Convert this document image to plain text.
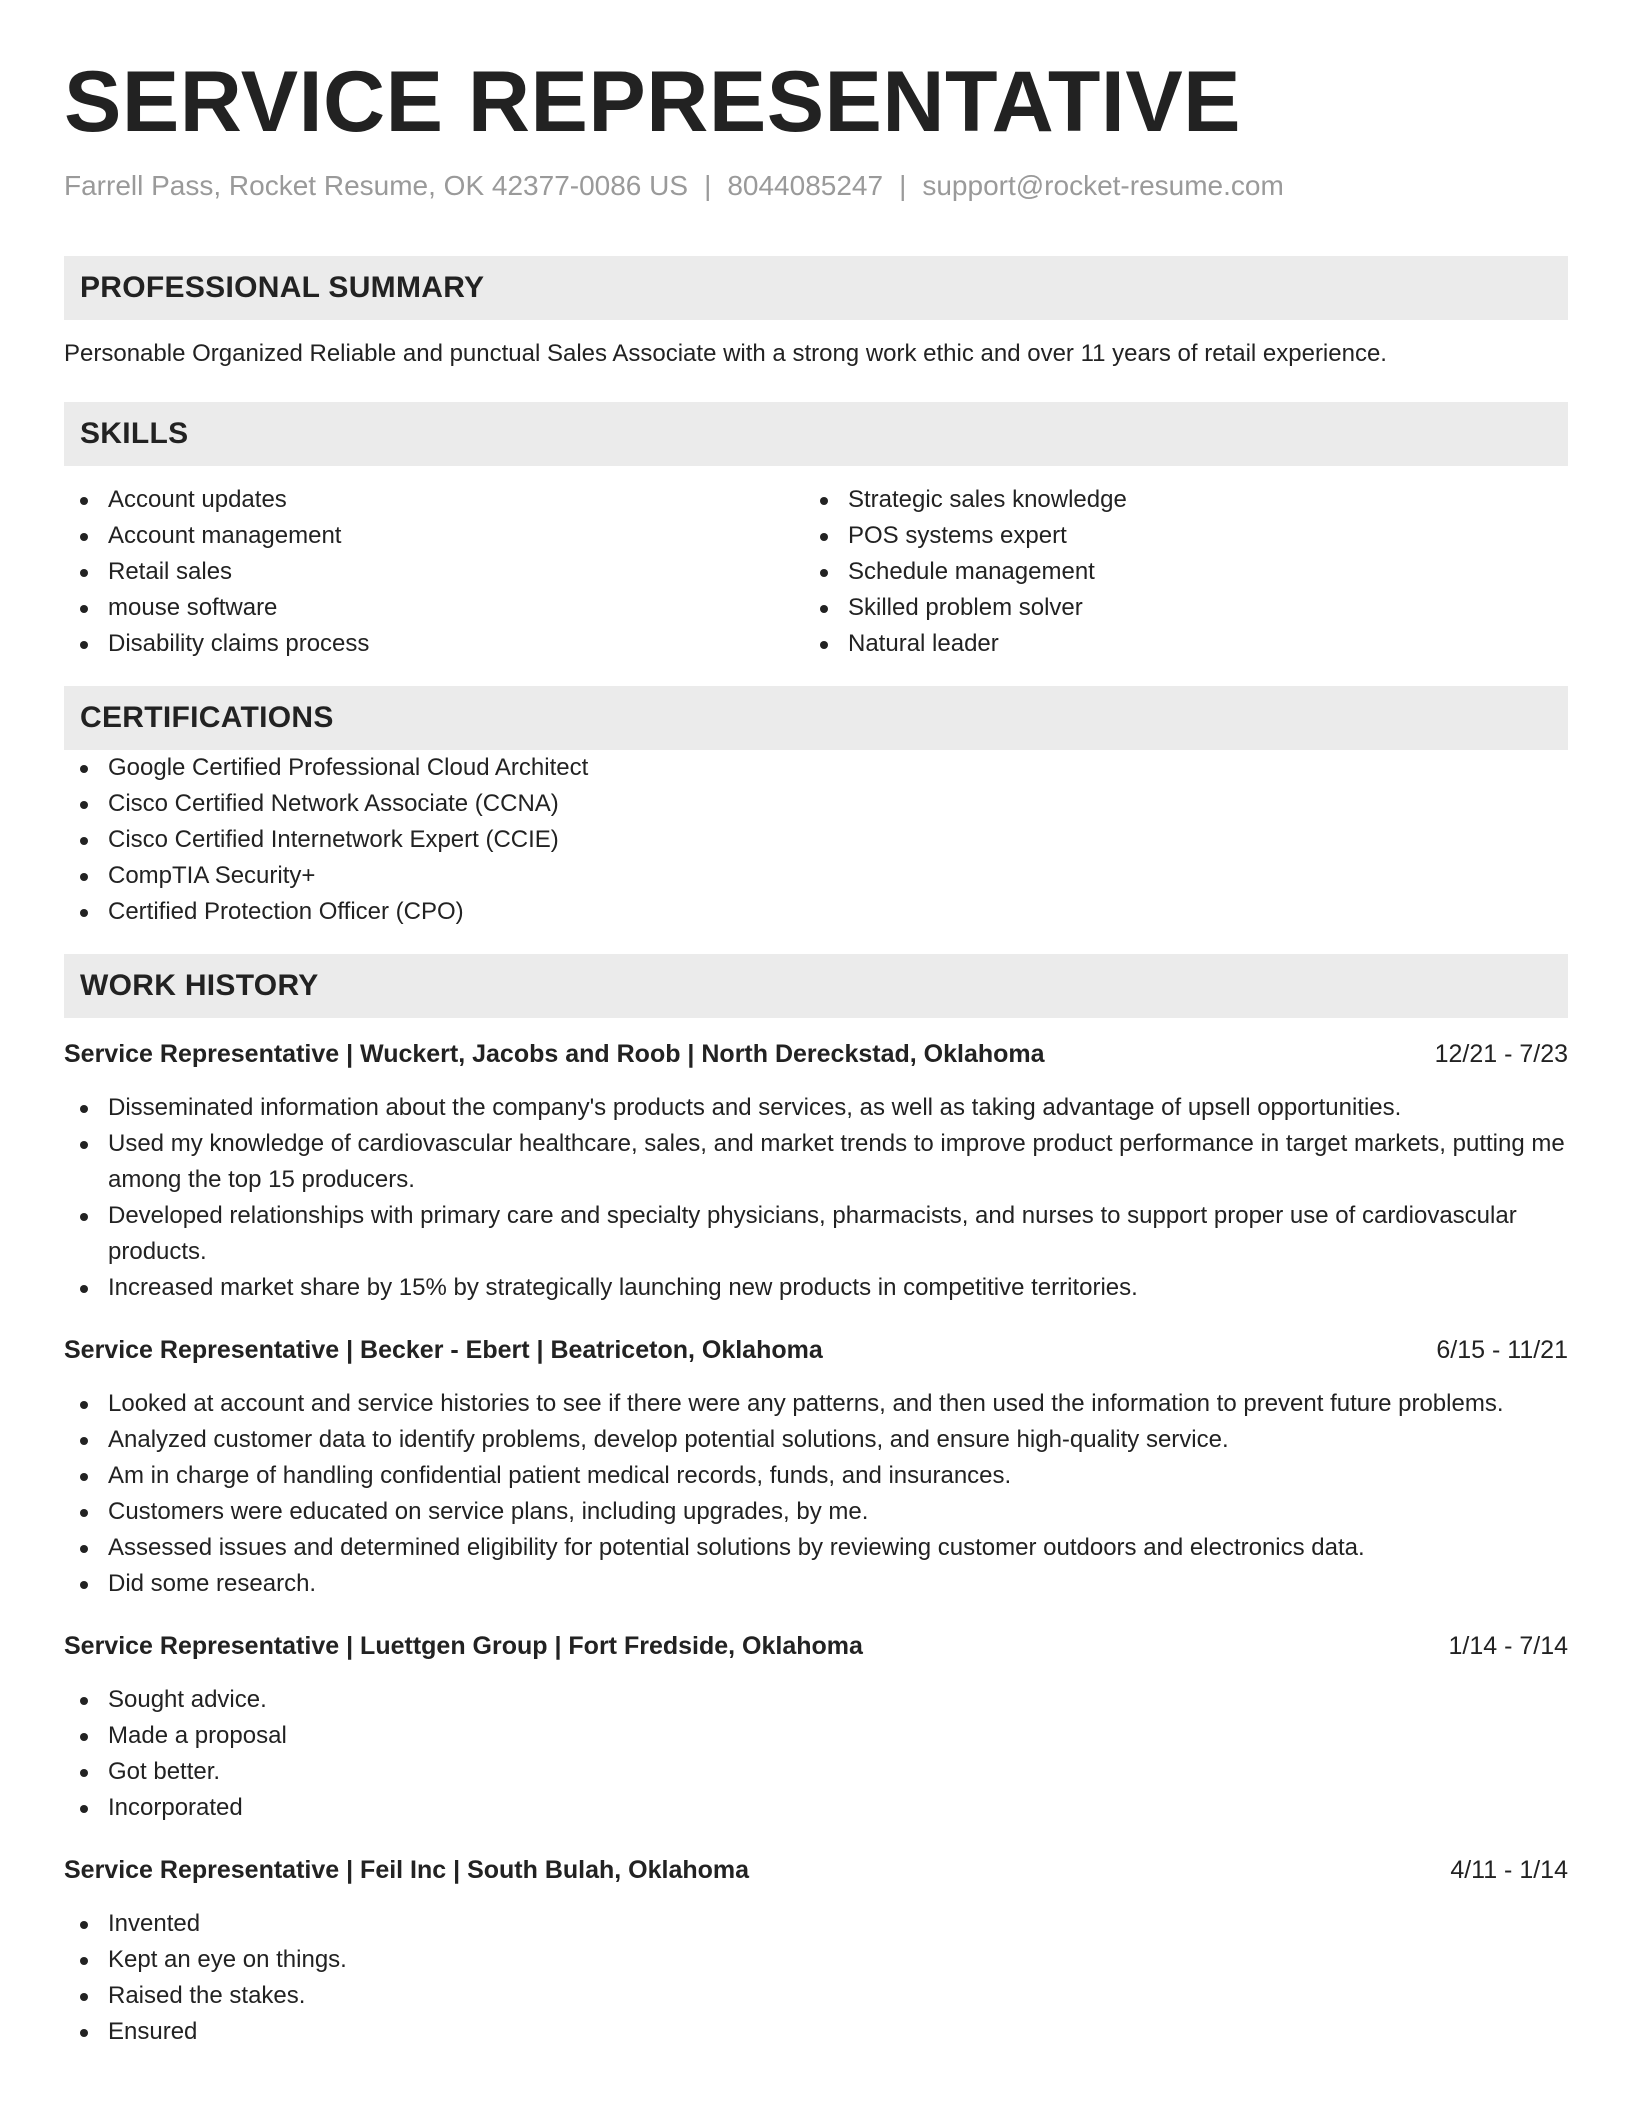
SERVICE REPRESENTATIVE
Farrell Pass, Rocket Resume, OK 42377-0086 US | 8044085247 | support@rocket-resume.com
PROFESSIONAL SUMMARY
Personable Organized Reliable and punctual Sales Associate with a strong work ethic and over 11 years of retail experience.
SKILLS
Account updates
Account management
Retail sales
mouse software
Disability claims process
Strategic sales knowledge
POS systems expert
Schedule management
Skilled problem solver
Natural leader
CERTIFICATIONS
Google Certified Professional Cloud Architect
Cisco Certified Network Associate (CCNA)
Cisco Certified Internetwork Expert (CCIE)
CompTIA Security+
Certified Protection Officer (CPO)
WORK HISTORY
Service Representative | Wuckert, Jacobs and Roob | North Dereckstad, Oklahoma	12/21 - 7/23
Disseminated information about the company's products and services, as well as taking advantage of upsell opportunities.
Used my knowledge of cardiovascular healthcare, sales, and market trends to improve product performance in target markets, putting me among the top 15 producers.
Developed relationships with primary care and specialty physicians, pharmacists, and nurses to support proper use of cardiovascular products.
Increased market share by 15% by strategically launching new products in competitive territories.
Service Representative | Becker - Ebert | Beatriceton, Oklahoma	6/15 - 11/21
Looked at account and service histories to see if there were any patterns, and then used the information to prevent future problems.
Analyzed customer data to identify problems, develop potential solutions, and ensure high-quality service.
Am in charge of handling confidential patient medical records, funds, and insurances.
Customers were educated on service plans, including upgrades, by me.
Assessed issues and determined eligibility for potential solutions by reviewing customer outdoors and electronics data.
Did some research.
Service Representative | Luettgen Group | Fort Fredside, Oklahoma	1/14 - 7/14
Sought advice.
Made a proposal
Got better.
Incorporated
Service Representative | Feil Inc | South Bulah, Oklahoma	4/11 - 1/14
Invented
Kept an eye on things.
Raised the stakes.
Ensured
